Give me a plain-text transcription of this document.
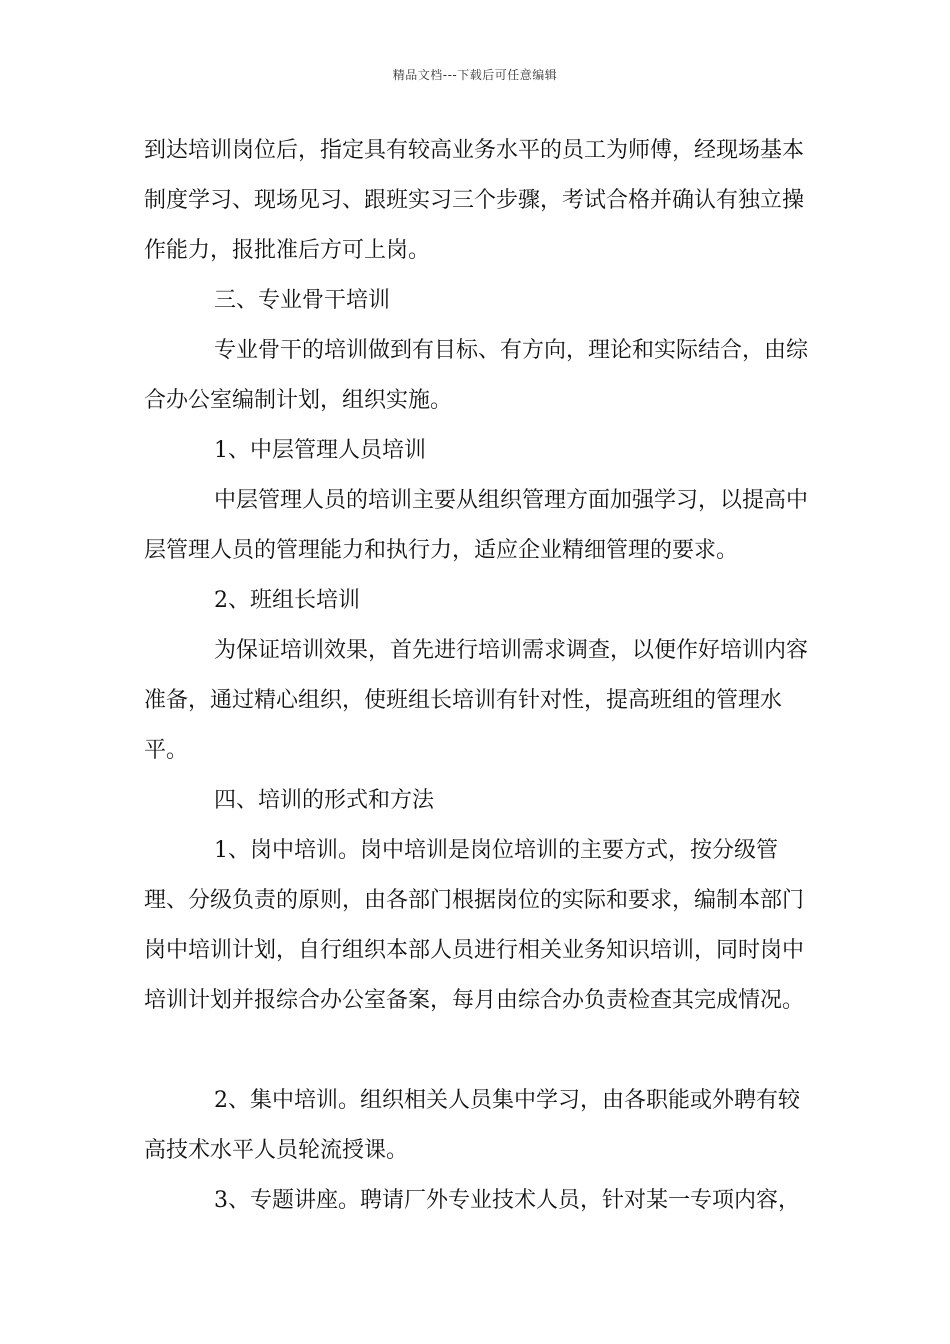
精品文档---下载后可任意编辑

到达培训岗位后，指定具有较高业务水平的员工为师傅，经现场基本制度学习、现场见习、跟班实习三个步骤，考试合格并确认有独立操作能力，报批准后方可上岗。

三、专业骨干培训

专业骨干的培训做到有目标、有方向，理论和实际结合，由综合办公室编制计划，组织实施。

1、中层管理人员培训

中层管理人员的培训主要从组织管理方面加强学习，以提高中层管理人员的管理能力和执行力，适应企业精细管理的要求。

2、班组长培训

为保证培训效果，首先进行培训需求调查，以便作好培训内容准备，通过精心组织，使班组长培训有针对性，提高班组的管理水平。

四、培训的形式和方法

1、岗中培训。岗中培训是岗位培训的主要方式，按分级管理、分级负责的原则，由各部门根据岗位的实际和要求，编制本部门岗中培训计划，自行组织本部人员进行相关业务知识培训，同时岗中培训计划并报综合办公室备案，每月由综合办负责检查其完成情况。

2、集中培训。组织相关人员集中学习，由各职能或外聘有较高技术水平人员轮流授课。

3、专题讲座。聘请厂外专业技术人员，针对某一专项内容，
